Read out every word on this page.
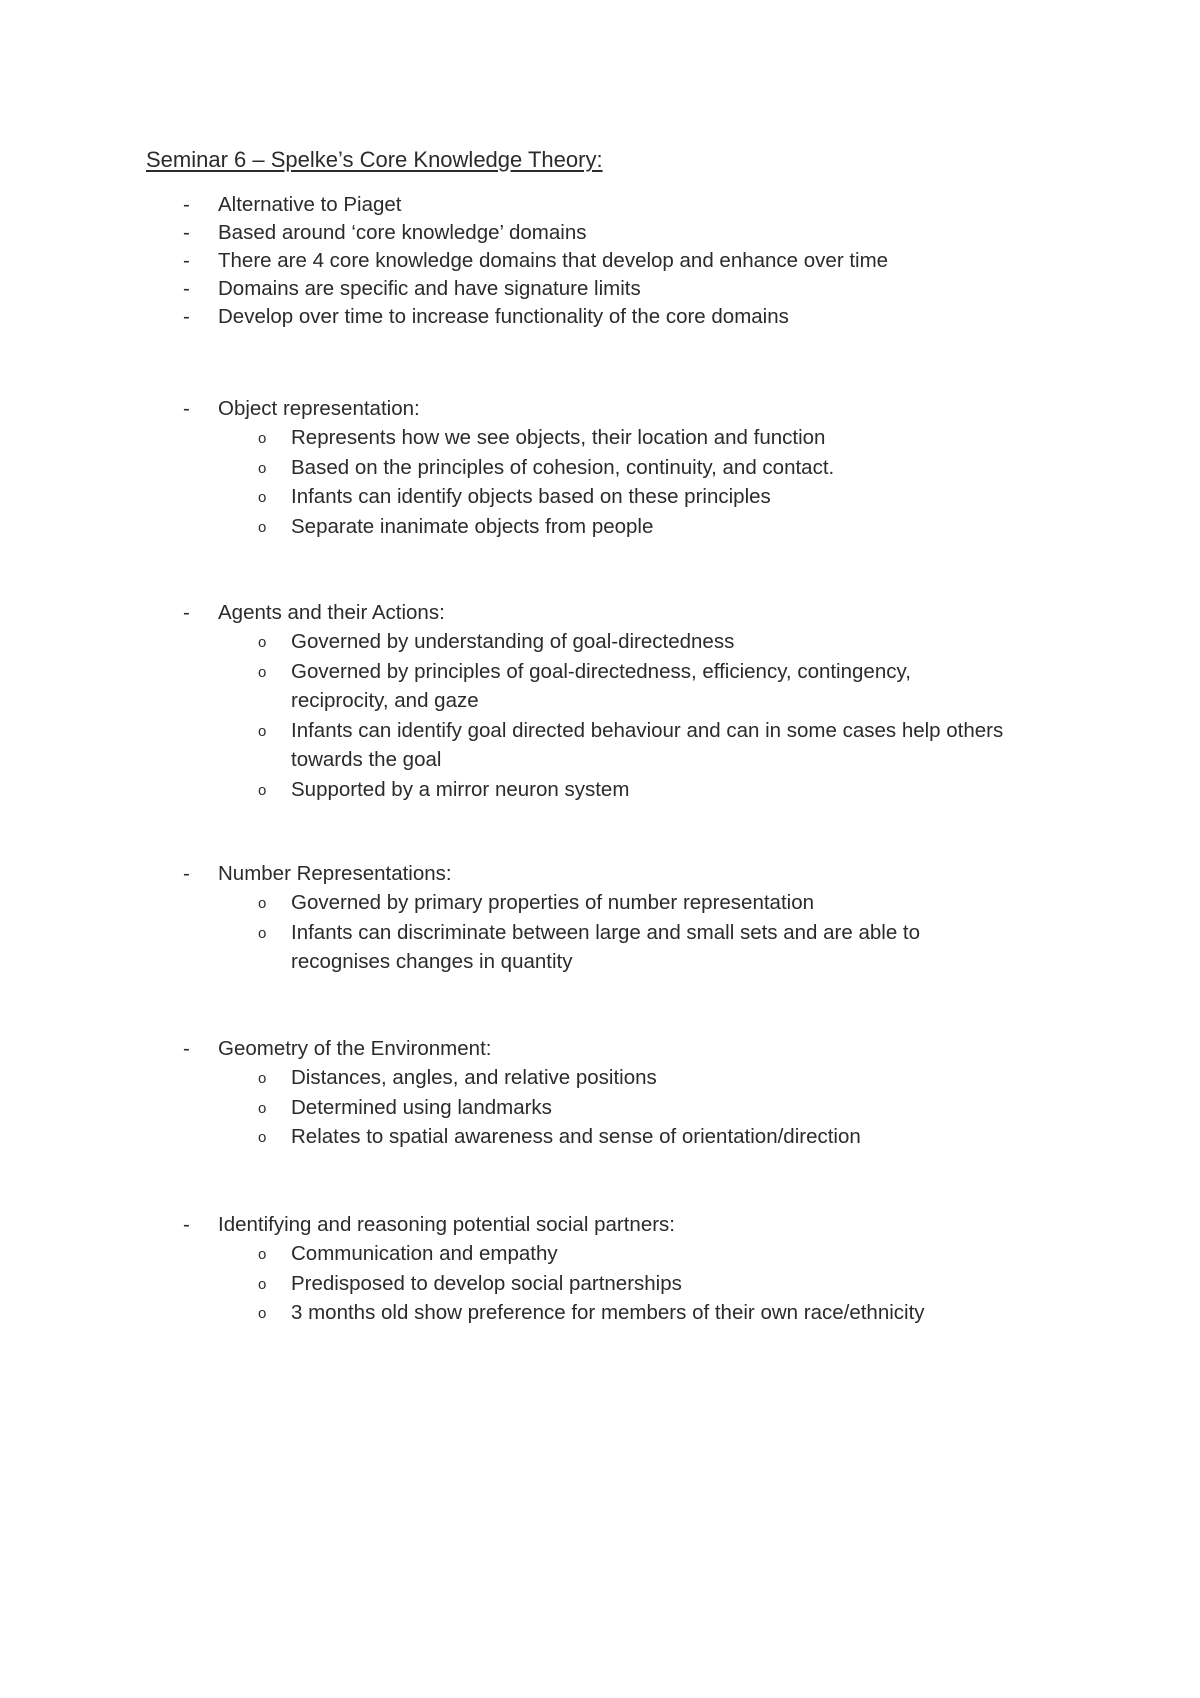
Seminar 6 – Spelke’s Core Knowledge Theory:
- Alternative to Piaget
- Based around ‘core knowledge’ domains
- There are 4 core knowledge domains that develop and enhance over time
- Domains are specific and have signature limits
- Develop over time to increase functionality of the core domains
- Object representation:
o Represents how we see objects, their location and function
o Based on the principles of cohesion, continuity, and contact.
o Infants can identify objects based on these principles
o Separate inanimate objects from people
- Agents and their Actions:
o Governed by understanding of goal-directedness
o Governed by principles of goal-directedness, efficiency, contingency, reciprocity, and gaze
o Infants can identify goal directed behaviour and can in some cases help others towards the goal
o Supported by a mirror neuron system
- Number Representations:
o Governed by primary properties of number representation
o Infants can discriminate between large and small sets and are able to recognises changes in quantity
- Geometry of the Environment:
o Distances, angles, and relative positions
o Determined using landmarks
o Relates to spatial awareness and sense of orientation/direction
- Identifying and reasoning potential social partners:
o Communication and empathy
o Predisposed to develop social partnerships
o 3 months old show preference for members of their own race/ethnicity
